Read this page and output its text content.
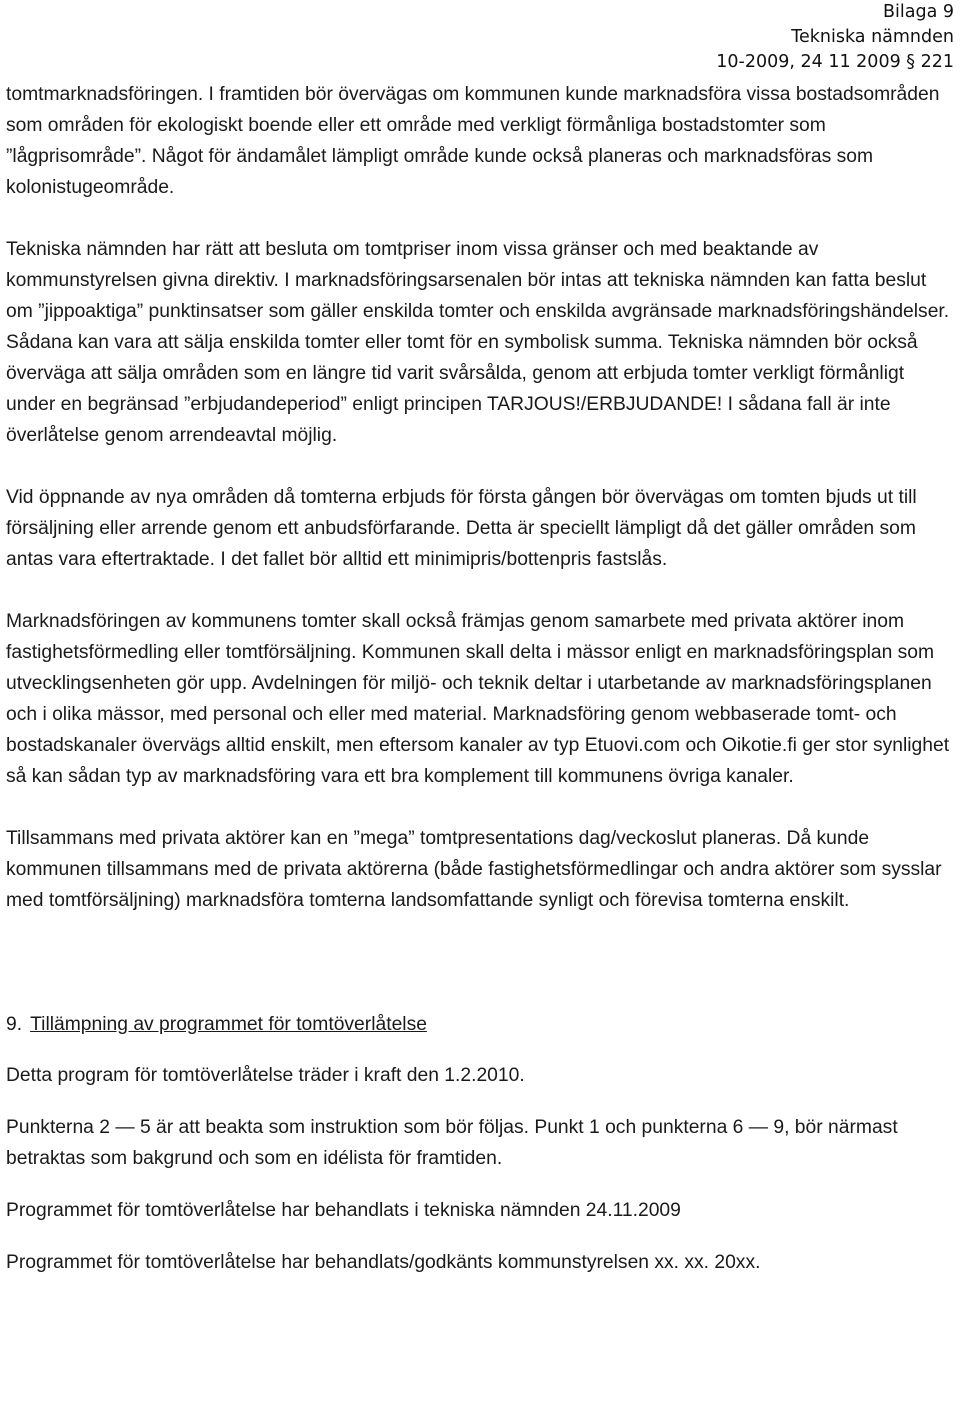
Bilaga 9
Tekniska nämnden
10-2009, 24 11 2009 § 221

tomtmarknadsföringen. I framtiden bör övervägas om kommunen kunde marknadsföra vissa bostadsområden som områden för ekologiskt boende eller ett område med verkligt förmånliga bostadstomter som ”lågprisområde”. Något för ändamålet lämpligt område kunde också planeras och marknadsföras som kolonistugeområde.

Tekniska nämnden har rätt att besluta om tomtpriser inom vissa gränser och med beaktande av kommunstyrelsen givna direktiv. I marknadsföringsarsenalen bör intas att tekniska nämnden kan fatta beslut om ”jippoaktiga” punktinsatser som gäller enskilda tomter och enskilda avgränsade marknadsföringshändelser. Sådana kan vara att sälja enskilda tomter eller tomt för en symbolisk summa. Tekniska nämnden bör också överväga att sälja områden som en längre tid varit svårsålda, genom att erbjuda tomter verkligt förmånligt under en begränsad ”erbjudandeperiod” enligt principen TARJOUS!/ERBJUDANDE! I sådana fall är inte överlåtelse genom arrendeavtal möjlig.

Vid öppnande av nya områden då tomterna erbjuds för första gången bör övervägas om tomten bjuds ut till försäljning eller arrende genom ett anbudsförfarande. Detta är speciellt lämpligt då det gäller områden som antas vara eftertraktade. I det fallet bör alltid ett minimipris/bottenpris fastslås.

Marknadsföringen av kommunens tomter skall också främjas genom samarbete med privata aktörer inom fastighetsförmedling eller tomtförsäljning. Kommunen skall delta i mässor enligt en marknadsföringsplan som utvecklingsenheten gör upp. Avdelningen för miljö- och teknik deltar i utarbetande av marknadsföringsplanen och i olika mässor, med personal och eller med material. Marknadsföring genom webbaserade tomt- och bostadskanaler övervägs alltid enskilt, men eftersom kanaler av typ Etuovi.com och Oikotie.fi ger stor synlighet så kan sådan typ av marknadsföring vara ett bra komplement till kommunens övriga kanaler.

Tillsammans med privata aktörer kan en ”mega” tomtpresentations dag/veckoslut planeras. Då kunde kommunen tillsammans med de privata aktörerna (både fastighetsförmedlingar och andra aktörer som sysslar med tomtförsäljning) marknadsföra tomterna landsomfattande synligt och förevisa tomterna enskilt.

9. Tillämpning av programmet för tomtöverlåtelse

Detta program för tomtöverlåtelse träder i kraft den 1.2.2010.

Punkterna 2 — 5 är att beakta som instruktion som bör följas. Punkt 1 och punkterna 6 — 9, bör närmast betraktas som bakgrund och som en idélista för framtiden.

Programmet för tomtöverlåtelse har behandlats i tekniska nämnden 24.11.2009

Programmet för tomtöverlåtelse har behandlats/godkänts kommunstyrelsen xx. xx. 20xx.
